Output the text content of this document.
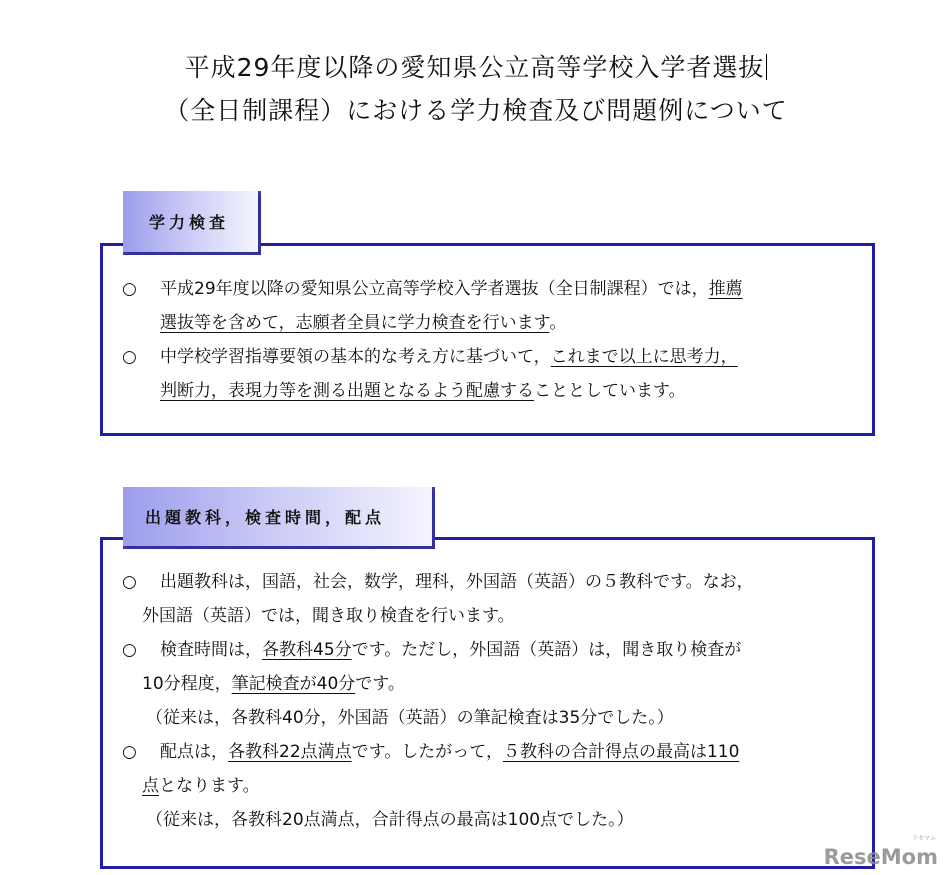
平成29年度以降の愛知県公立高等学校入学者選抜
（全日制課程）における学力検査及び問題例について
学力検査
○ 平成29年度以降の愛知県公立高等学校入学者選抜（全日制課程）では，推薦
選抜等を含めて，志願者全員に学力検査を行います。
○ 中学校学習指導要領の基本的な考え方に基づいて，これまで以上に思考力，
判断力，表現力等を測る出題となるよう配慮することとしています。
出題教科，検査時間，配点
○ 出題教科は，国語，社会，数学，理科，外国語（英語）の５教科です。なお，
外国語（英語）では，聞き取り検査を行います。
○ 検査時間は，各教科45分です。ただし，外国語（英語）は，聞き取り検査が
10分程度，筆記検査が40分です。
（従来は，各教科40分，外国語（英語）の筆記検査は35分でした。）
○ 配点は，各教科22点満点です。したがって，５教科の合計得点の最高は110
点となります。
（従来は，各教科20点満点，合計得点の最高は100点でした。）
リセマム
ReseMom
